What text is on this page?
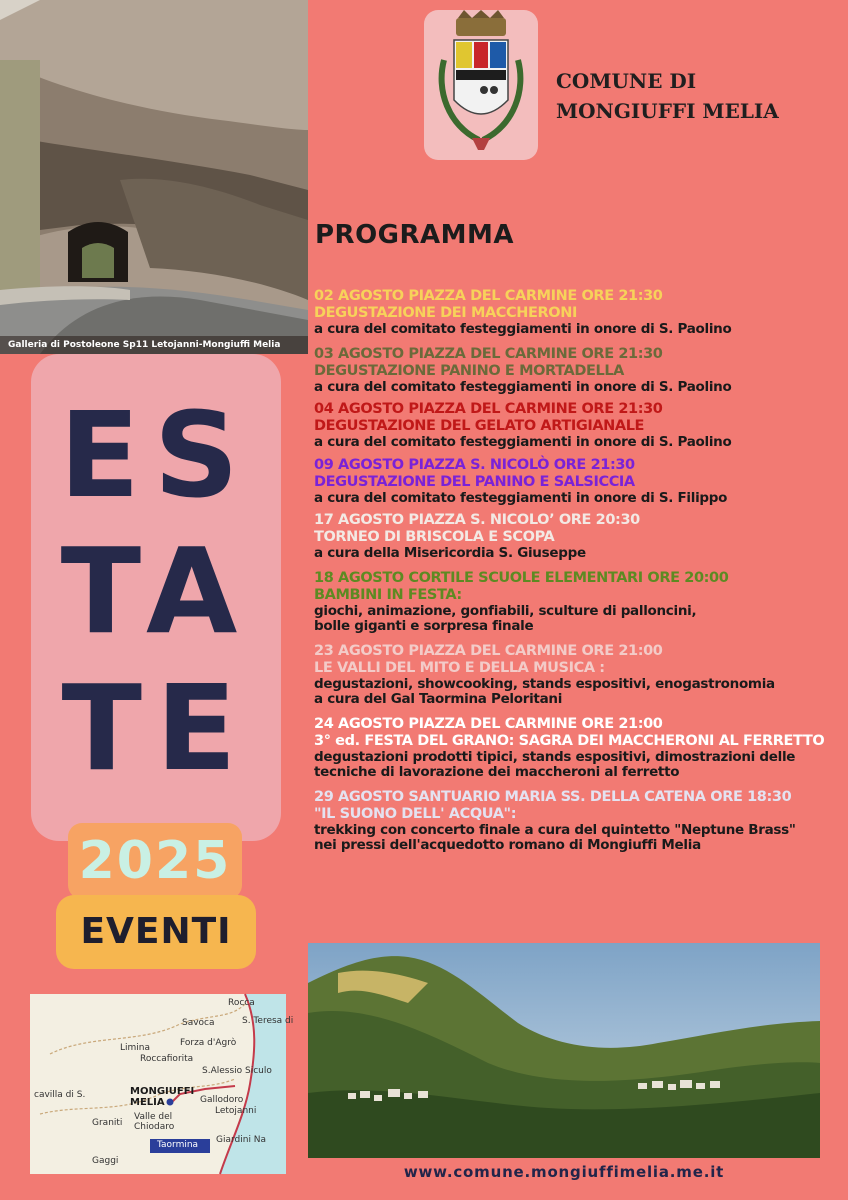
Galleria di Postoleone Sp11 Letojanni-Mongiuffi Melia
COMUNE DI
MONGIUFFI MELIA
PROGRAMMA
02 AGOSTO PIAZZA DEL CARMINE ORE 21:30
DEGUSTAZIONE DEI MACCHERONI
a cura del comitato festeggiamenti in onore di S. Paolino
03 AGOSTO PIAZZA DEL CARMINE ORE 21:30
DEGUSTAZIONE PANINO E MORTADELLA
a cura del comitato festeggiamenti in onore di S. Paolino
04 AGOSTO PIAZZA DEL CARMINE ORE 21:30
DEGUSTAZIONE DEL GELATO ARTIGIANALE
a cura del comitato festeggiamenti in onore di S. Paolino
09 AGOSTO PIAZZA S. NICOLÒ ORE 21:30
DEGUSTAZIONE DEL PANINO E SALSICCIA
a cura del comitato festeggiamenti in onore di S. Filippo
17 AGOSTO PIAZZA S. NICOLO’ ORE 20:30
TORNEO DI BRISCOLA E SCOPA
a cura della Misericordia S. Giuseppe
18 AGOSTO CORTILE SCUOLE ELEMENTARI ORE 20:00
BAMBINI IN FESTA:
giochi, animazione, gonfiabili, sculture di palloncini,
bolle giganti e sorpresa finale
23 AGOSTO PIAZZA DEL CARMINE ORE 21:00
LE VALLI DEL MITO E DELLA MUSICA :
degustazioni, showcooking, stands espositivi, enogastronomia
a cura del Gal Taormina Peloritani
24 AGOSTO PIAZZA DEL CARMINE ORE 21:00
3° ed. FESTA DEL GRANO: SAGRA DEI MACCHERONI AL FERRETTO
degustazioni prodotti tipici, stands espositivi, dimostrazioni delle
tecniche di lavorazione dei maccheroni al ferretto
29 AGOSTO SANTUARIO MARIA SS. DELLA CATENA ORE 18:30
"IL SUONO DELL' ACQUA":
trekking con concerto finale a cura del quintetto "Neptune Brass"
nei pressi dell'acquedotto romano di Mongiuffi Melia
ES
TA
TE
2025
EVENTI
Rocca
Savoca	S. Teresa di
Forza d'Agrò
Limina
Roccafiorita
S.Alessio Siculo
cavilla di S.	MONGIUFFI
MELIA	Gallodoro
Letojanni
Valle del
Chiodaro
Graniti
Taormina Giardini Na
Gaggi
www.comune.mongiuffimelia.me.it
